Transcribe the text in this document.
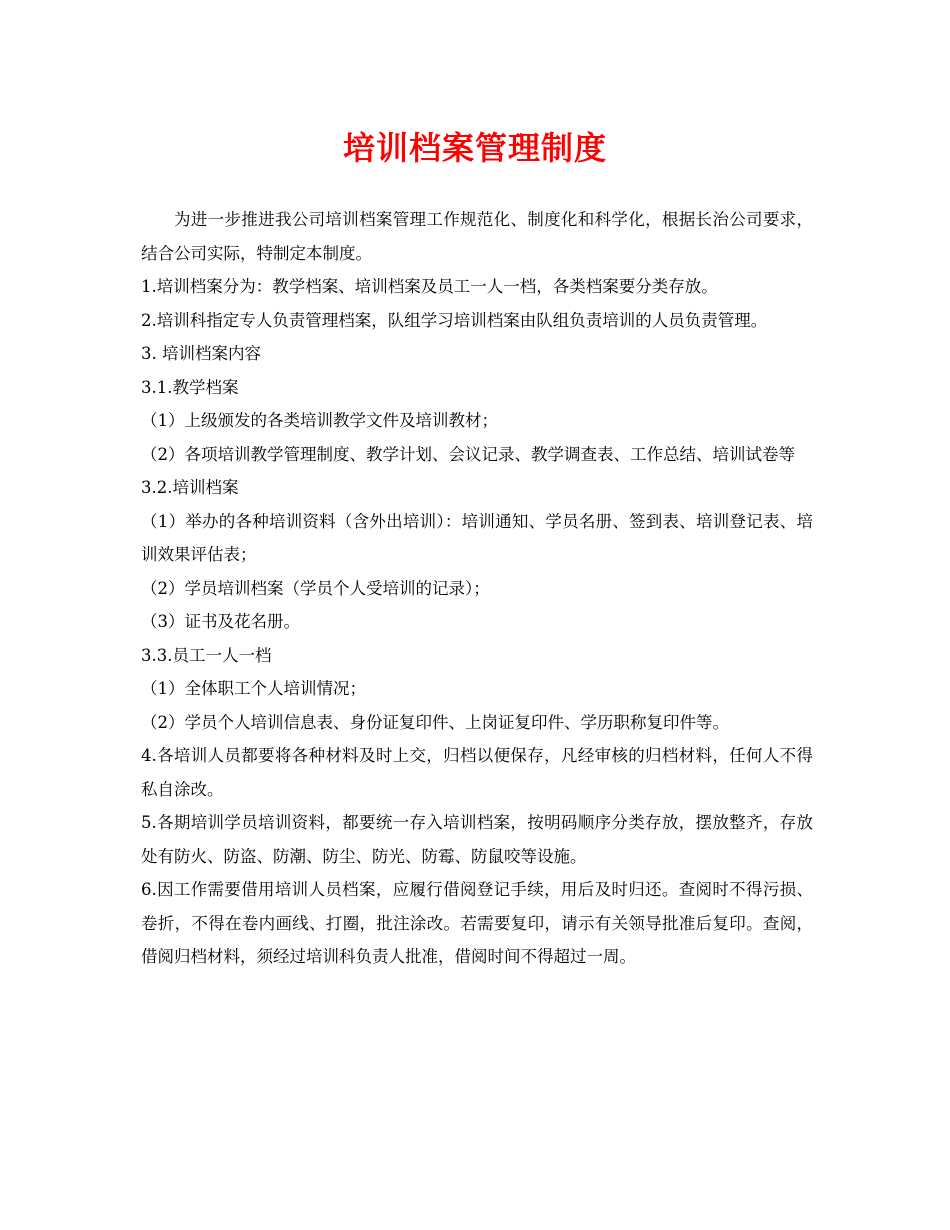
培训档案管理制度

为进一步推进我公司培训档案管理工作规范化、制度化和科学化，根据长治公司要求，结合公司实际，特制定本制度。

1.培训档案分为：教学档案、培训档案及员工一人一档，各类档案要分类存放。

2.培训科指定专人负责管理档案，队组学习培训档案由队组负责培训的人员负责管理。

3. 培训档案内容

3.1.教学档案

（1）上级颁发的各类培训教学文件及培训教材；

（2）各项培训教学管理制度、教学计划、会议记录、教学调查表、工作总结、培训试卷等

3.2.培训档案

（1）举办的各种培训资料（含外出培训）：培训通知、学员名册、签到表、培训登记表、培训效果评估表；

（2）学员培训档案（学员个人受培训的记录）；

（3）证书及花名册。

3.3.员工一人一档

（1）全体职工个人培训情况；

（2）学员个人培训信息表、身份证复印件、上岗证复印件、学历职称复印件等。

4.各培训人员都要将各种材料及时上交，归档以便保存，凡经审核的归档材料，任何人不得私自涂改。

5.各期培训学员培训资料，都要统一存入培训档案，按明码顺序分类存放，摆放整齐，存放处有防火、防盗、防潮、防尘、防光、防霉、防鼠咬等设施。

6.因工作需要借用培训人员档案，应履行借阅登记手续，用后及时归还。查阅时不得污损、卷折，不得在卷内画线、打圈，批注涂改。若需要复印，请示有关领导批准后复印。查阅，借阅归档材料，须经过培训科负责人批准，借阅时间不得超过一周。
